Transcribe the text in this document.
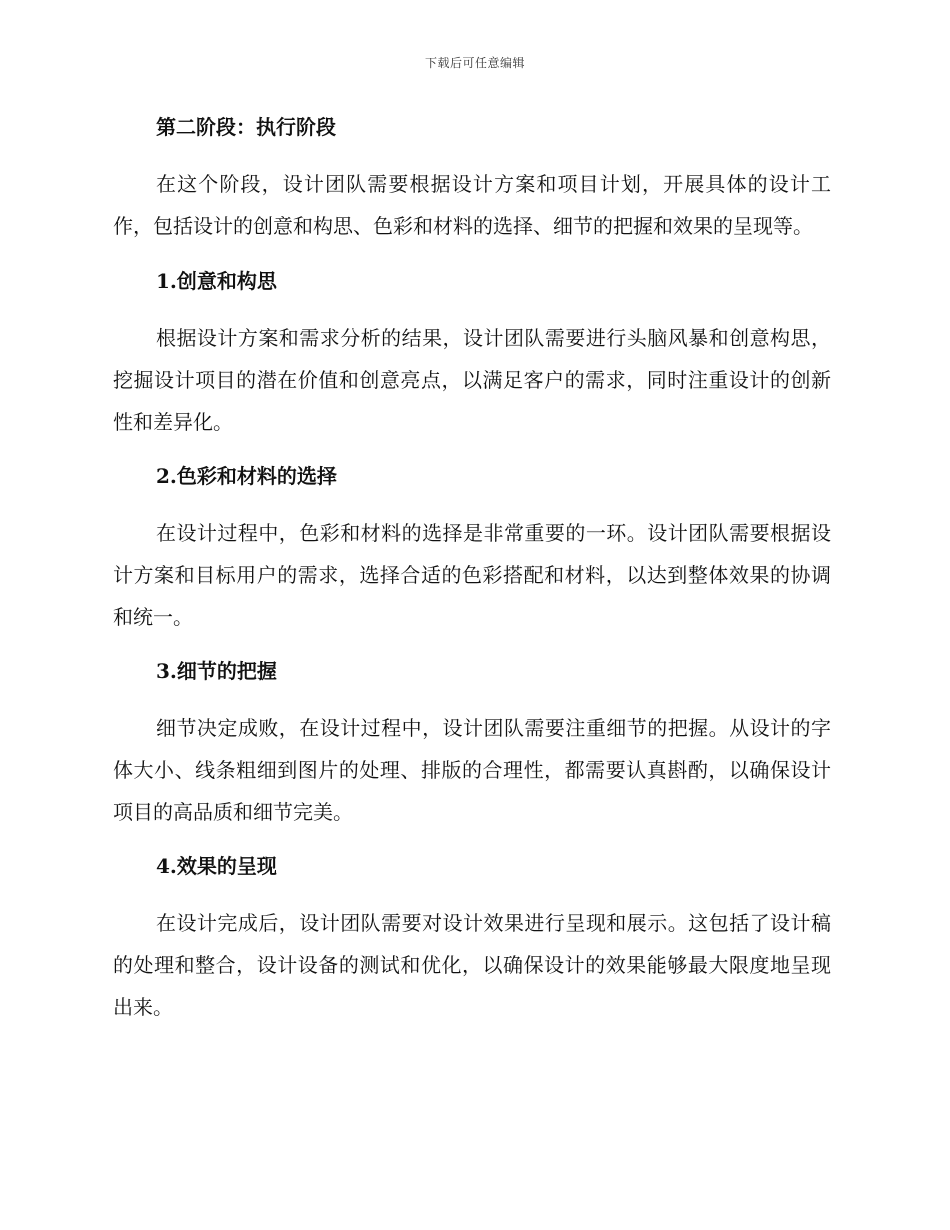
下载后可任意编辑
第二阶段：执行阶段

在这个阶段，设计团队需要根据设计方案和项目计划，开展具体的设计工作，包括设计的创意和构思、色彩和材料的选择、细节的把握和效果的呈现等。

1.创意和构思

根据设计方案和需求分析的结果，设计团队需要进行头脑风暴和创意构思，挖掘设计项目的潜在价值和创意亮点，以满足客户的需求，同时注重设计的创新性和差异化。

2.色彩和材料的选择

在设计过程中，色彩和材料的选择是非常重要的一环。设计团队需要根据设计方案和目标用户的需求，选择合适的色彩搭配和材料，以达到整体效果的协调和统一。

3.细节的把握

细节决定成败，在设计过程中，设计团队需要注重细节的把握。从设计的字体大小、线条粗细到图片的处理、排版的合理性，都需要认真斟酌，以确保设计项目的高品质和细节完美。

4.效果的呈现

在设计完成后，设计团队需要对设计效果进行呈现和展示。这包括了设计稿的处理和整合，设计设备的测试和优化，以确保设计的效果能够最大限度地呈现出来。
